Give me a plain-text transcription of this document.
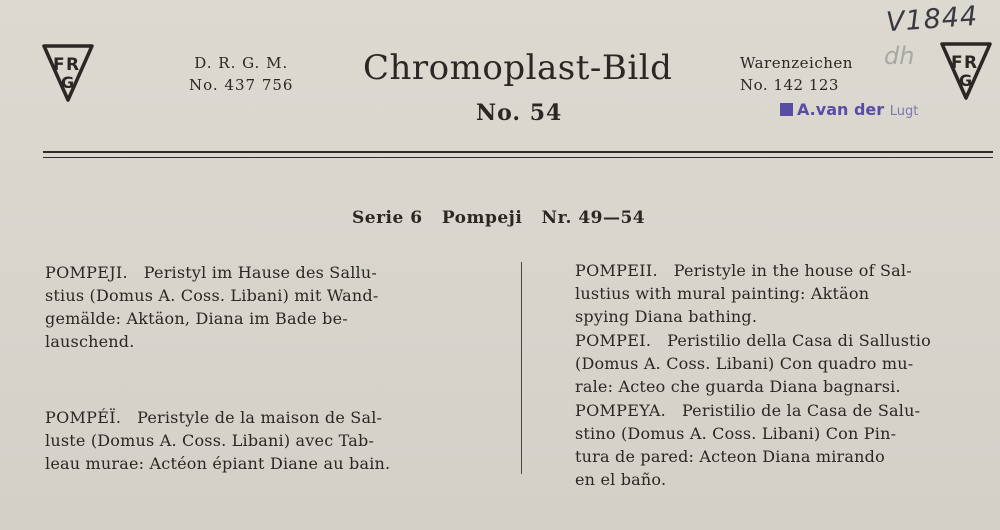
F R
G
D. R. G. M.
No. 437 756 Chromoplast-Bild
No. 54
Warenzeichen
No. 142 123
V1844
dh F R
G
A.van der Lugt
Serie 6   Pompeji   Nr. 49—54
POMPEJI. Peristyl im Hause des Sallu-
stius (Domus A. Coss. Libani) mit Wand-
gemälde: Aktäon, Diana im Bade be-
lauschend.
POMPÉÏ. Peristyle de la maison de Sal-
luste (Domus A. Coss. Libani) avec Tab-
leau murae: Actéon épiant Diane au bain.
POMPEII. Peristyle in the house of Sal-
lustius with mural painting: Aktäon
spying Diana bathing.
POMPEI. Peristilio della Casa di Sallustio
(Domus A. Coss. Libani) Con quadro mu-
rale: Acteo che guarda Diana bagnarsi.
POMPEYA. Peristilio de la Casa de Salu-
stino (Domus A. Coss. Libani) Con Pin-
tura de pared: Acteon Diana mirando
en el baño.
